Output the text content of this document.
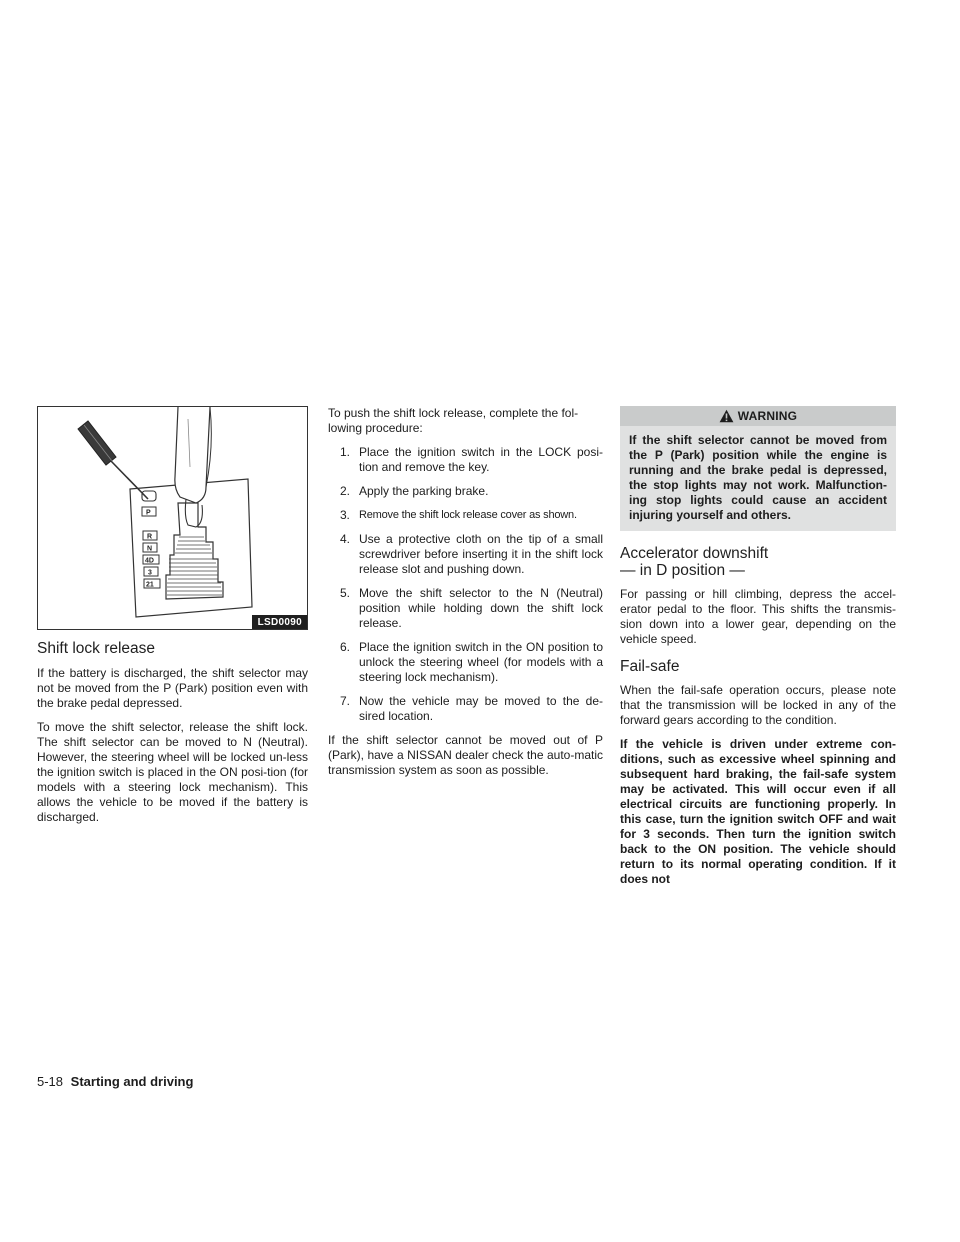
P
R
N
4D
3
21
LSD0090
Shift lock release

If the battery is discharged, the shift selector may not be moved from the P (Park) position even with the brake pedal depressed.

To move the shift selector, release the shift lock. The shift selector can be moved to N (Neutral). However, the steering wheel will be locked un-less the ignition switch is placed in the ON posi-tion (for models with a steering lock mechanism). This allows the vehicle to be moved if the battery is discharged.

To push the shift lock release, complete the fol-lowing procedure:

1. Place the ignition switch in the LOCK posi-tion and remove the key.
2. Apply the parking brake.
3. Remove the shift lock release cover as shown.
4. Use a protective cloth on the tip of a small screwdriver before inserting it in the shift lock release slot and pushing down.
5. Move the shift selector to the N (Neutral) position while holding down the shift lock release.
6. Place the ignition switch in the ON position to unlock the steering wheel (for models with a steering lock mechanism).
7. Now the vehicle may be moved to the de-sired location.

If the shift selector cannot be moved out of P (Park), have a NISSAN dealer check the auto-matic transmission system as soon as possible.

WARNING
If the shift selector cannot be moved from the P (Park) position while the engine is running and the brake pedal is depressed, the stop lights may not work. Malfunction-ing stop lights could cause an accident injuring yourself and others.
Accelerator downshift
— in D position —

For passing or hill climbing, depress the accel-erator pedal to the floor. This shifts the transmis-sion down into a lower gear, depending on the vehicle speed.

Fail-safe

When the fail-safe operation occurs, please note that the transmission will be locked in any of the forward gears according to the condition.

If the vehicle is driven under extreme con-ditions, such as excessive wheel spinning and subsequent hard braking, the fail-safe system may be activated. This will occur even if all electrical circuits are functioning properly. In this case, turn the ignition switch OFF and wait for 3 seconds. Then turn the ignition switch back to the ON position. The vehicle should return to its normal operating condition. If it does not

5-18 Starting and driving
